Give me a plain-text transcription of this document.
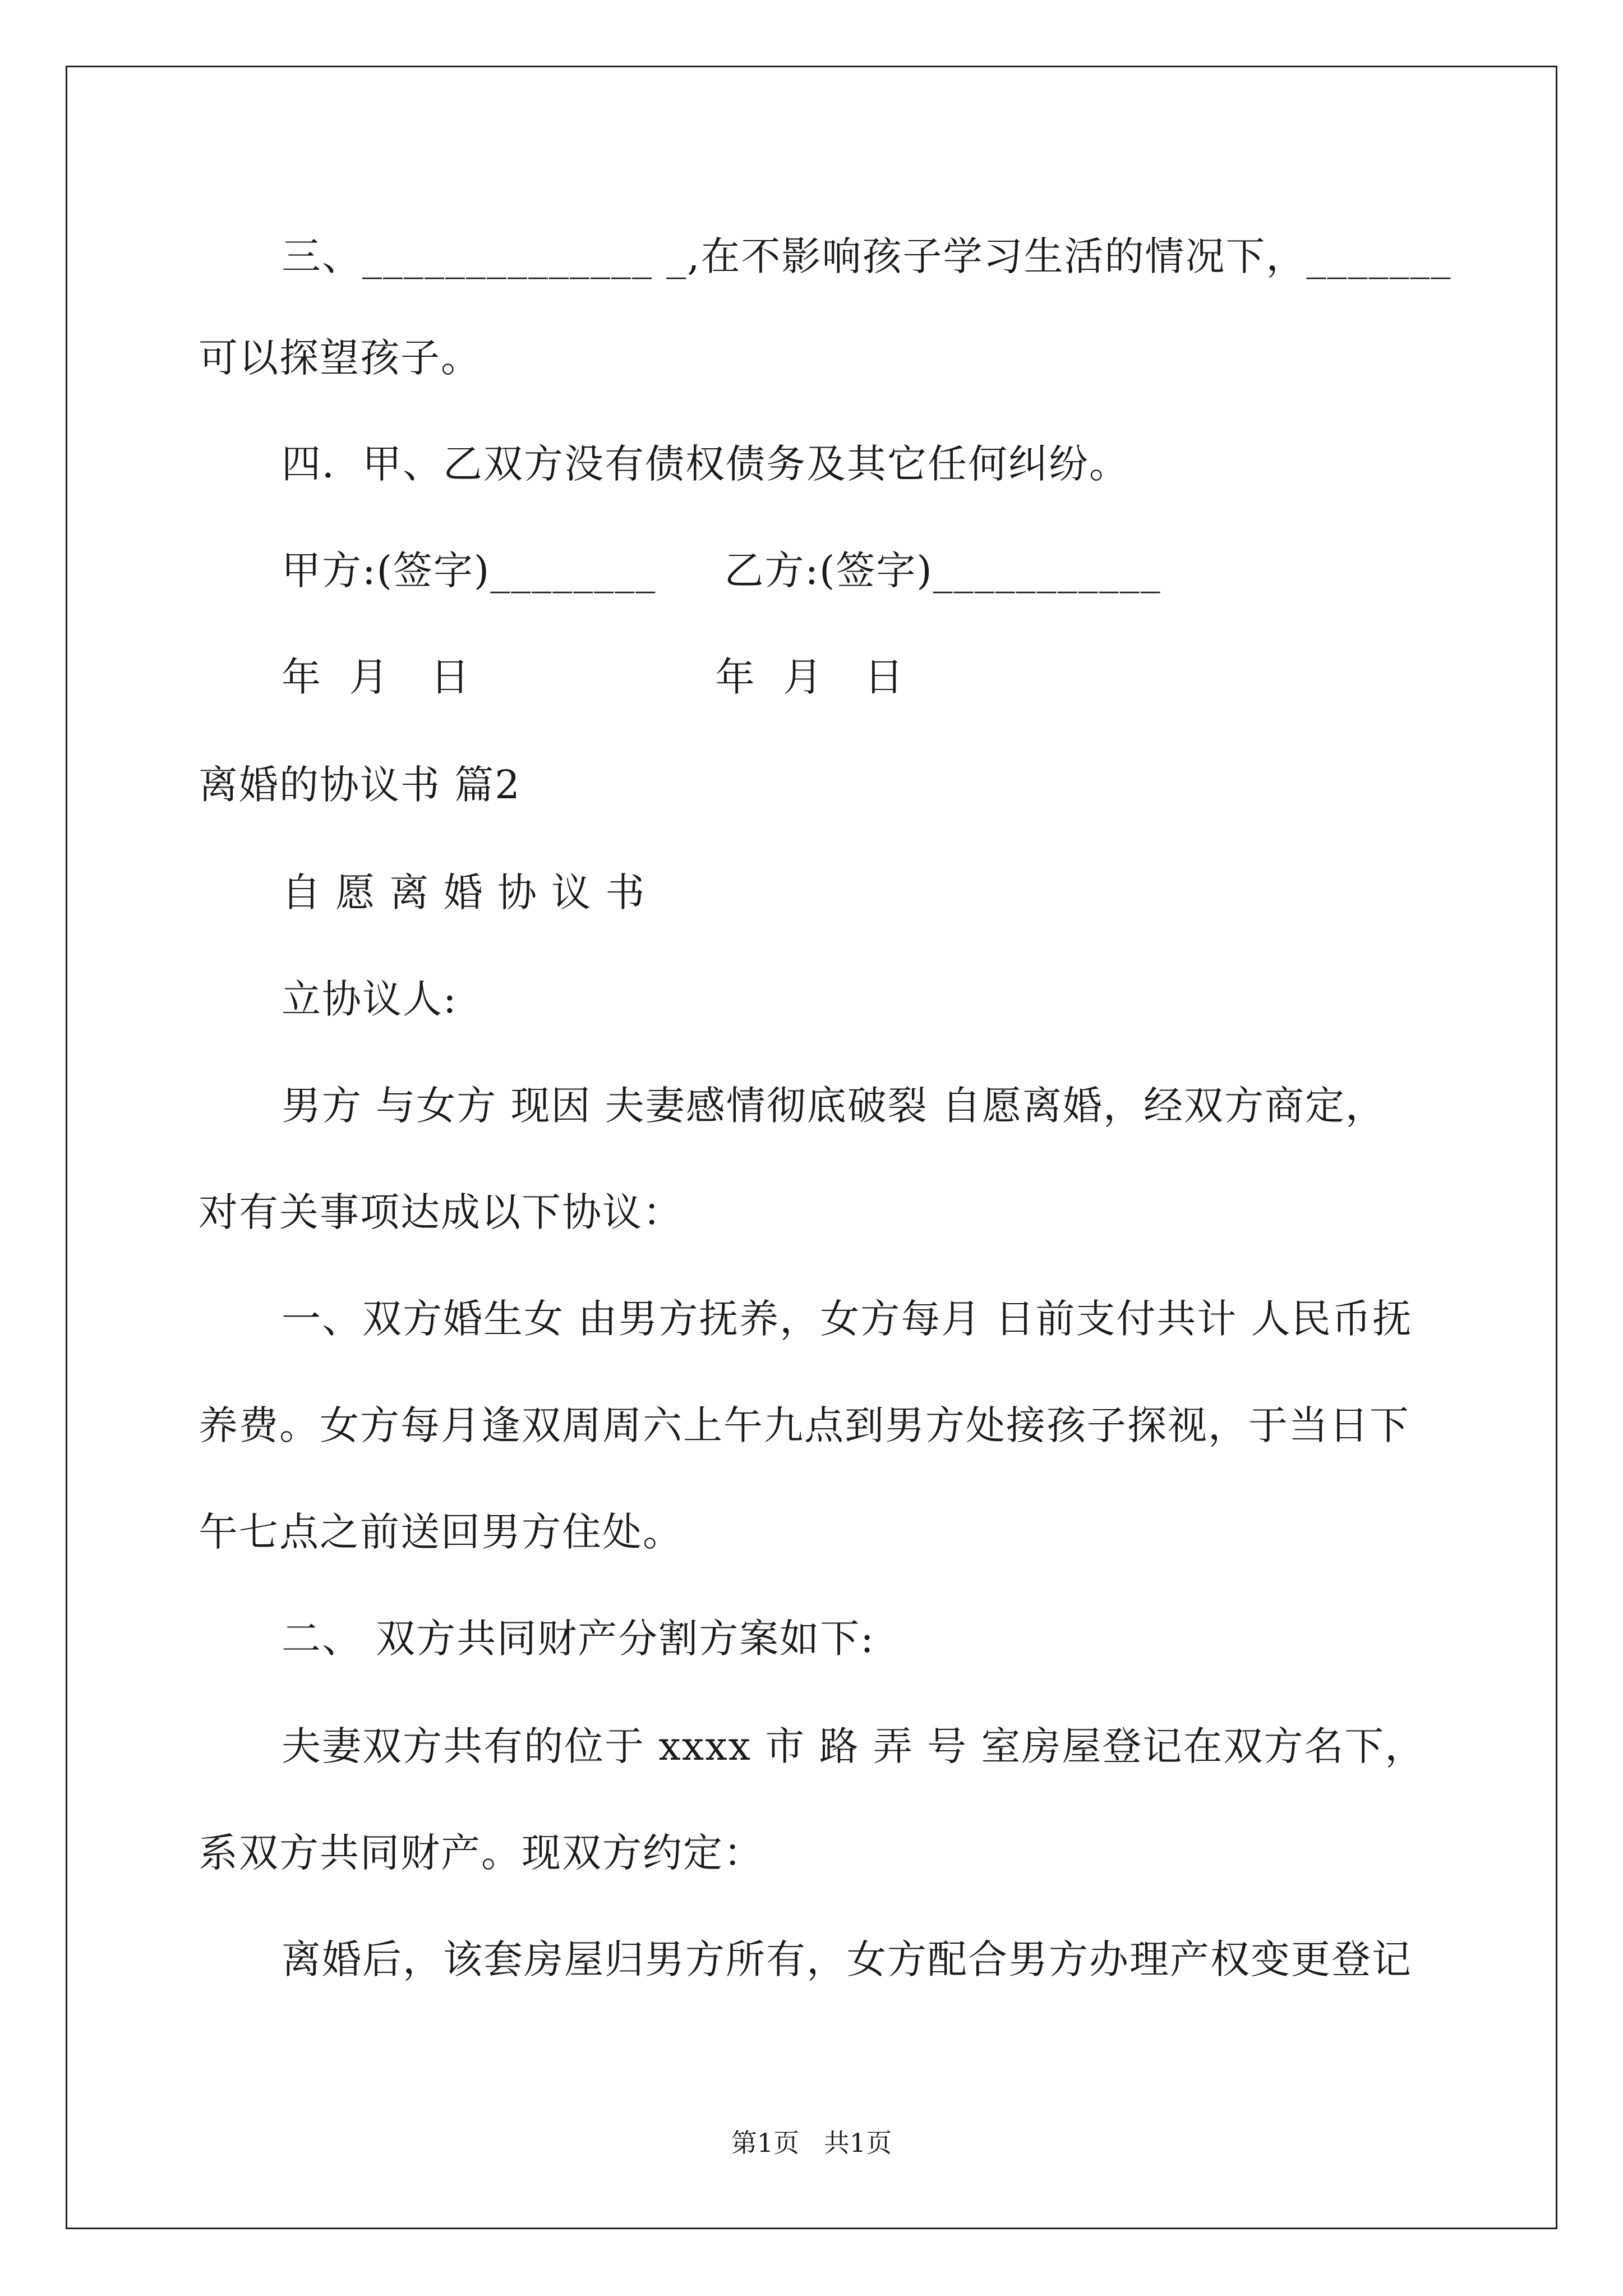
三、______________ _,在不影响孩子学习生活的情况下，_______
可以探望孩子。
四．甲、乙双方没有债权债务及其它任何纠纷。
甲方:(签字)________     乙方:(签字)___________
年  月   日                  年  月   日
离婚的协议书 篇2
自 愿 离 婚 协 议 书
立协议人:
男方 与女方 现因 夫妻感情彻底破裂 自愿离婚，经双方商定，
对有关事项达成以下协议：
一、双方婚生女 由男方抚养，女方每月 日前支付共计 人民币抚
养费。女方每月逢双周周六上午九点到男方处接孩子探视，于当日下
午七点之前送回男方住处。
二、 双方共同财产分割方案如下:
夫妻双方共有的位于 xxxx 市 路 弄 号 室房屋登记在双方名下，
系双方共同财产。现双方约定：
离婚后，该套房屋归男方所有，女方配合男方办理产权变更登记
第1页   共1页
